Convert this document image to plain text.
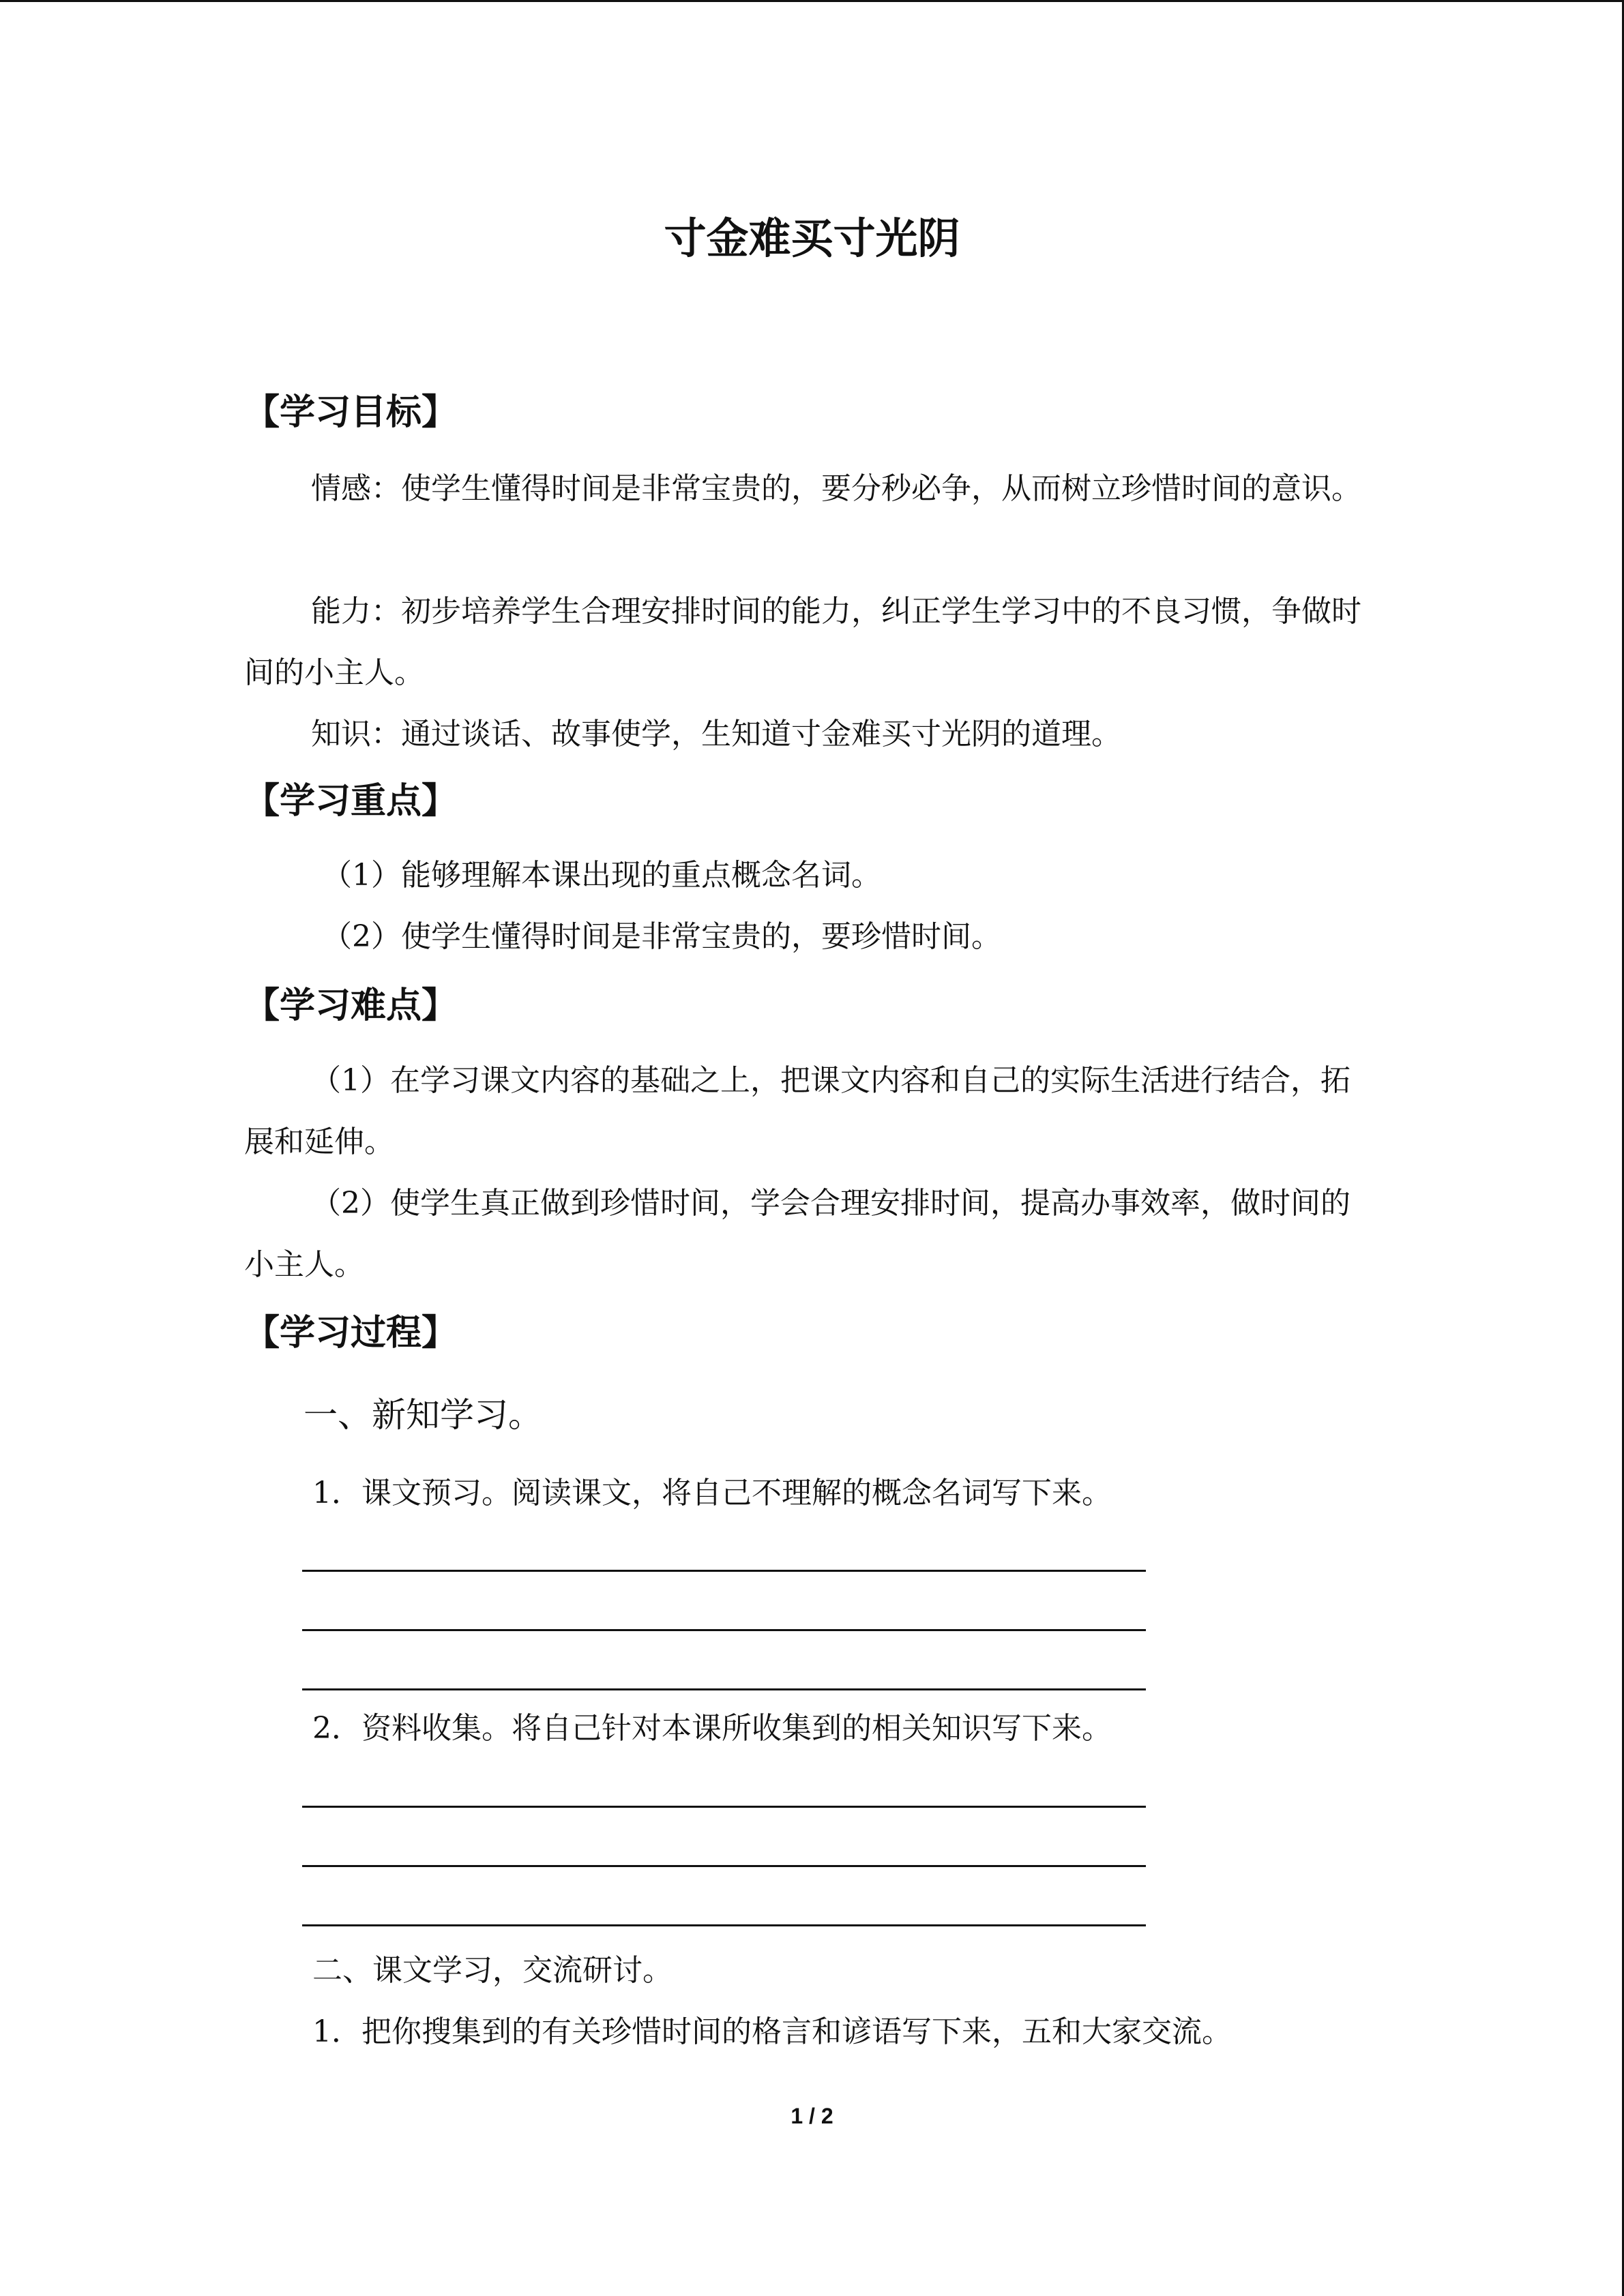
寸金难买寸光阴
【学习目标】

情感：使学生懂得时间是非常宝贵的，要分秒必争，从而树立珍惜时间的意识。

能力：初步培养学生合理安排时间的能力，纠正学生学习中的不良习惯，争做时间的小主人。

知识：通过谈话、故事使学，生知道寸金难买寸光阴的道理。

【学习重点】

（1）能够理解本课出现的重点概念名词。

（2）使学生懂得时间是非常宝贵的，要珍惜时间。

【学习难点】

（1）在学习课文内容的基础之上，把课文内容和自己的实际生活进行结合，拓展和延伸。

（2）使学生真正做到珍惜时间，学会合理安排时间，提高办事效率，做时间的小主人。

【学习过程】

一、新知学习。

1．课文预习。阅读课文，将自己不理解的概念名词写下来。

2．资料收集。将自己针对本课所收集到的相关知识写下来。

二、课文学习，交流研讨。

1．把你搜集到的有关珍惜时间的格言和谚语写下来，五和大家交流。

1 / 2
